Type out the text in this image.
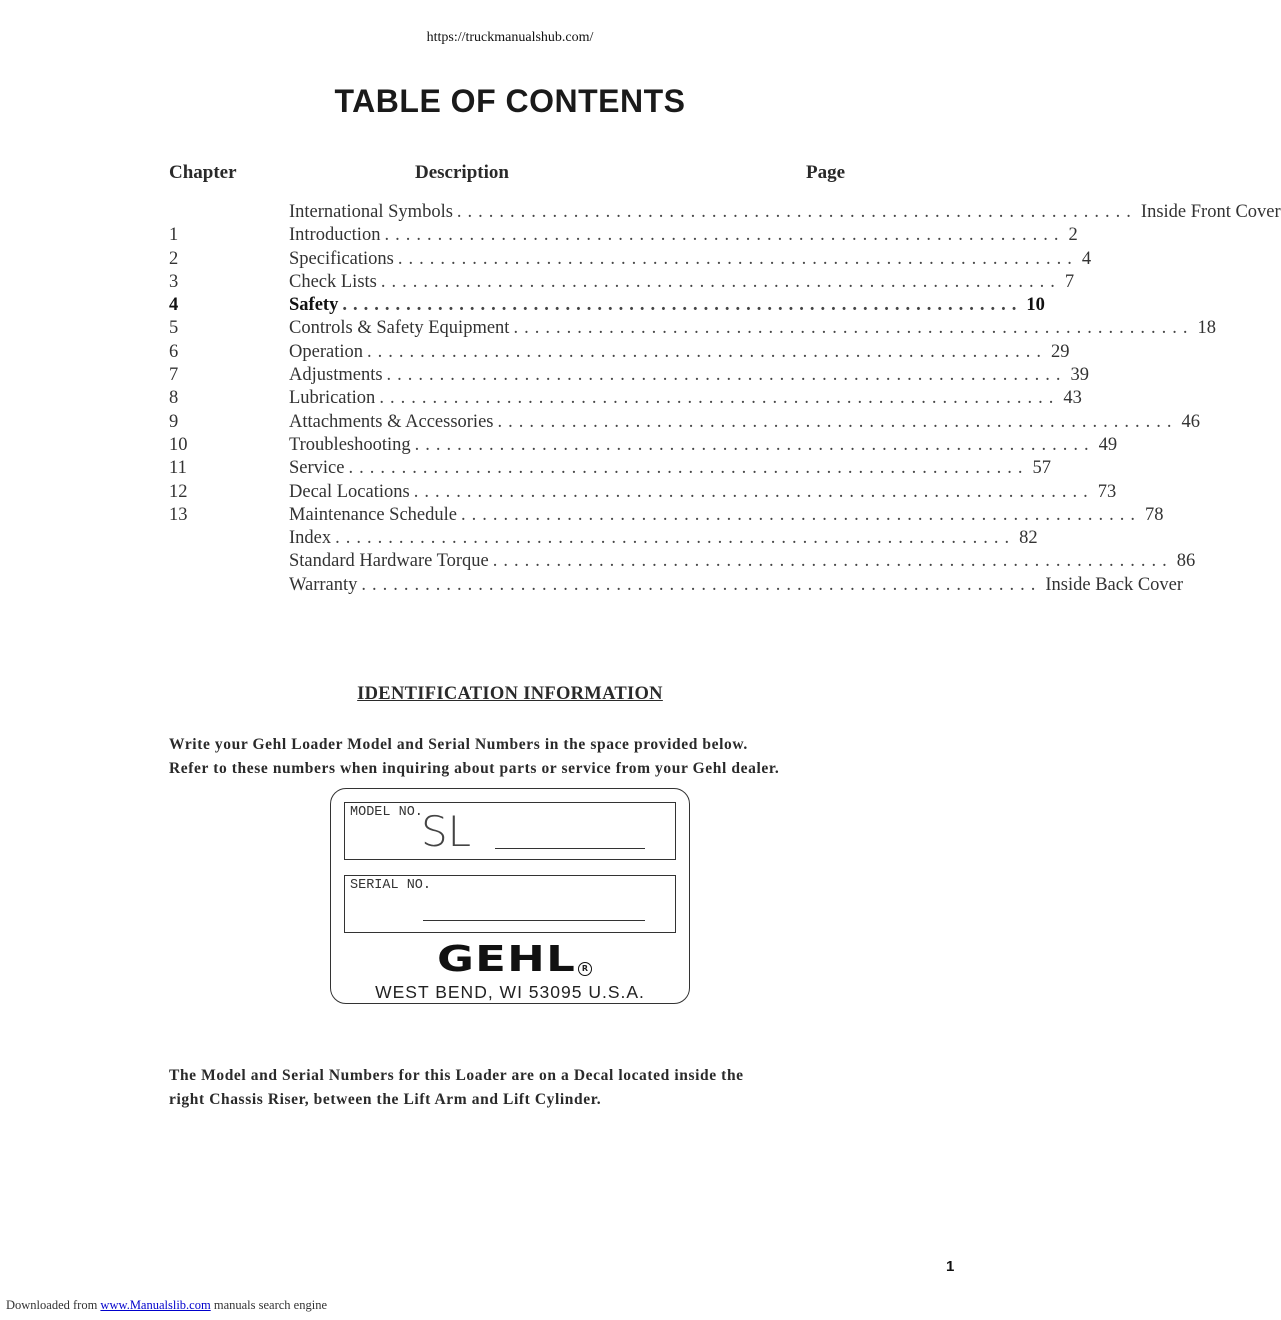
https://truckmanualshub.com/
TABLE OF CONTENTS
Chapter	Description	Page
International Symbols ................................................................ Inside Front Cover
1	Introduction ................................................................ 2
2	Specifications ................................................................ 4
3	Check Lists ................................................................ 7
4	Safety ................................................................ 10
5	Controls & Safety Equipment ................................................................ 18
6	Operation ................................................................ 29
7	Adjustments ................................................................ 39
8	Lubrication ................................................................ 43
9	Attachments & Accessories ................................................................ 46
10	Troubleshooting ................................................................ 49
11	Service ................................................................ 57
12	Decal Locations ................................................................ 73
13	Maintenance Schedule ................................................................ 78
Index ................................................................ 82
Standard Hardware Torque ................................................................ 86
Warranty ................................................................ Inside Back Cover
IDENTIFICATION INFORMATION
Write your Gehl Loader Model and Serial Numbers in the space provided below.
Refer to these numbers when inquiring about parts or service from your Gehl dealer.
MODEL NO.
SL
SERIAL NO.
GEHL R
WEST BEND, WI 53095 U.S.A.
The Model and Serial Numbers for this Loader are on a Decal located inside the
right Chassis Riser, between the Lift Arm and Lift Cylinder.
1
Downloaded from www.Manualslib.com manuals search engine
